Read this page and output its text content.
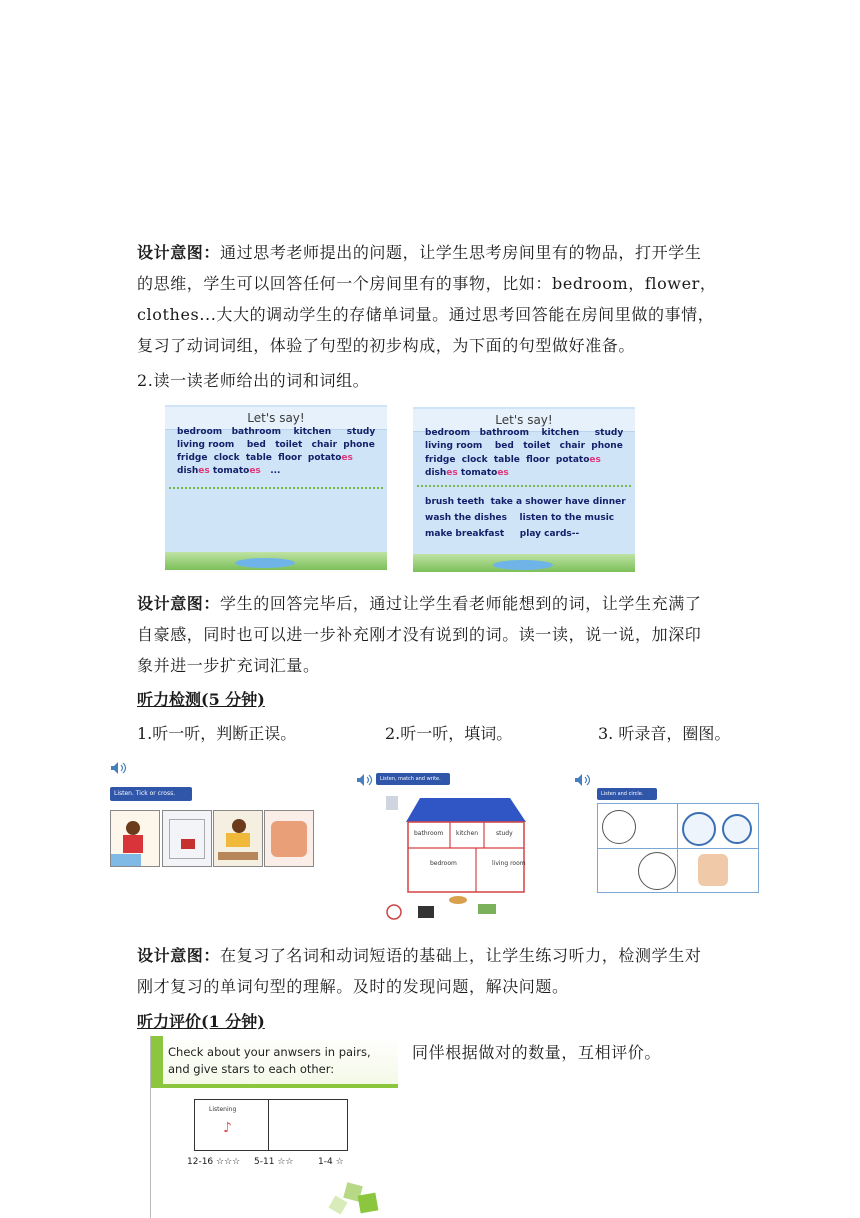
设计意图：通过思考老师提出的问题，让学生思考房间里有的物品，打开学生
的思维，学生可以回答任何一个房间里有的事物，比如：bedroom，flower，
clothes...大大的调动学生的存储单词量。通过思考回答能在房间里做的事情，
复习了动词词组，体验了句型的初步构成，为下面的句型做好准备。
2.读一读老师给出的词和词组。
Let's say!
bedroom   bathroom    kitchen     study
living room    bed   toilet   chair  phone
fridge  clock  table  floor  potatoes
dishes tomatoes   ...
Let's say!
bedroom   bathroom    kitchen     study
living room    bed   toilet   chair  phone
fridge  clock  table  floor  potatoes
dishes tomatoes
brush teeth  take a shower have dinner
wash the dishes    listen to the music
make breakfast     play cards--
设计意图：学生的回答完毕后，通过让学生看老师能想到的词，让学生充满了
自豪感，同时也可以进一步补充刚才没有说到的词。读一读，说一说，加深印
象并进一步扩充词汇量。
听力检测(5 分钟)
1.听一听，判断正误。	2.听一听，填词。	3. 听录音，圈图。
Listen. Tick or cross.
Listen, match and write.
bathroom kitchen	study
bedroom	living room
Listen and circle.
设计意图：在复习了名词和动词短语的基础上，让学生练习听力，检测学生对
刚才复习的单词句型的理解。及时的发现问题，解决问题。
听力评价(1 分钟)
Check about your anwsers in pairs,
and give stars to each other:
Listening
♪
12-16 ☆☆☆ 5-11 ☆☆	1-4 ☆
同伴根据做对的数量，互相评价。
